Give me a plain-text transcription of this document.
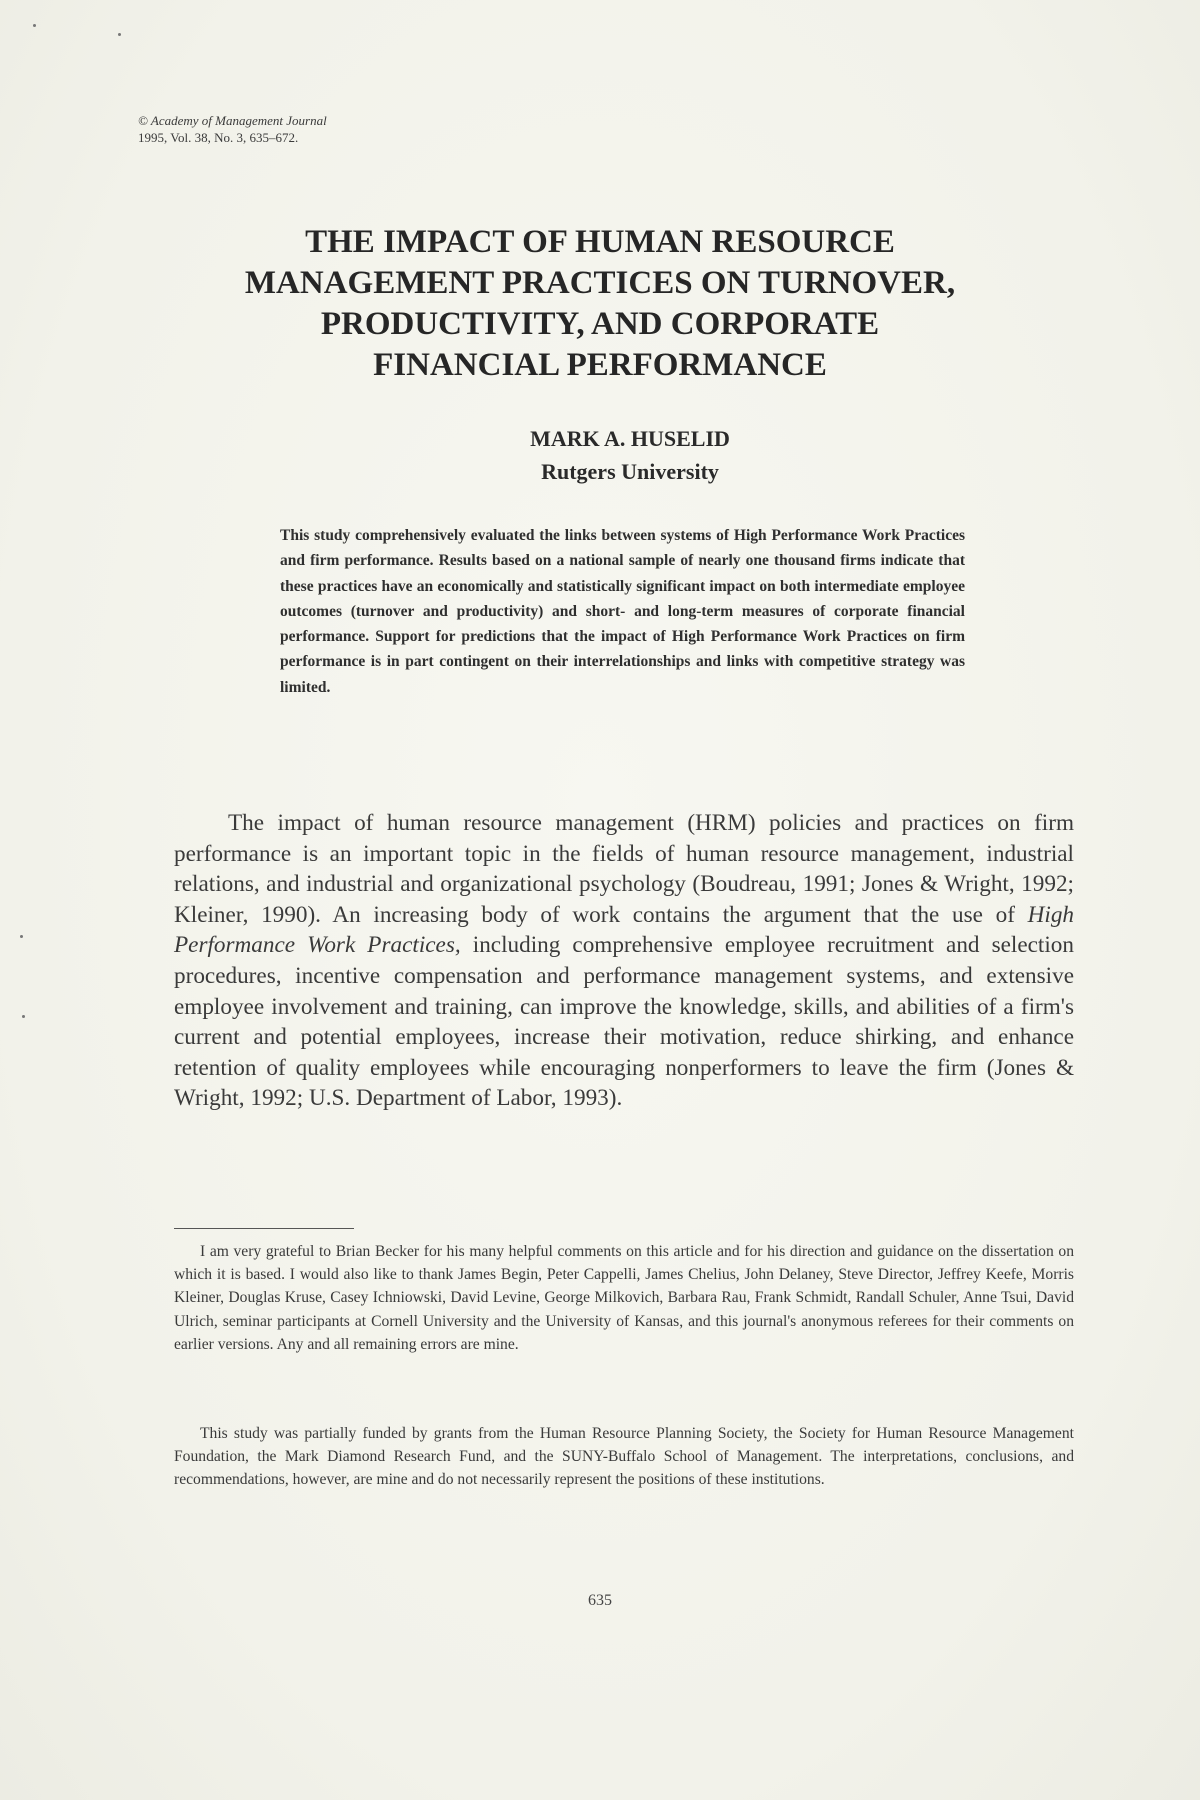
© Academy of Management Journal
1995, Vol. 38, No. 3, 635–672.
THE IMPACT OF HUMAN RESOURCE
MANAGEMENT PRACTICES ON TURNOVER,
PRODUCTIVITY, AND CORPORATE
FINANCIAL PERFORMANCE
MARK A. HUSELID
Rutgers University

This study comprehensively evaluated the links between systems of High Performance Work Practices and firm performance. Results based on a national sample of nearly one thousand firms indicate that these practices have an economically and statistically significant impact on both intermediate employee outcomes (turnover and productivity) and short- and long-term measures of corporate financial performance. Support for predictions that the impact of High Performance Work Practices on firm performance is in part contingent on their interrelationships and links with competitive strategy was limited.

The impact of human resource management (HRM) policies and practices on firm performance is an important topic in the fields of human resource management, industrial relations, and industrial and organizational psychology (Boudreau, 1991; Jones & Wright, 1992; Kleiner, 1990). An increasing body of work contains the argument that the use of High Performance Work Practices, including comprehensive employee recruitment and selection procedures, incentive compensation and performance management systems, and extensive employee involvement and training, can improve the knowledge, skills, and abilities of a firm's current and potential employees, increase their motivation, reduce shirking, and enhance retention of quality employees while encouraging nonperformers to leave the firm (Jones & Wright, 1992; U.S. Department of Labor, 1993).

I am very grateful to Brian Becker for his many helpful comments on this article and for his direction and guidance on the dissertation on which it is based. I would also like to thank James Begin, Peter Cappelli, James Chelius, John Delaney, Steve Director, Jeffrey Keefe, Morris Kleiner, Douglas Kruse, Casey Ichniowski, David Levine, George Milkovich, Barbara Rau, Frank Schmidt, Randall Schuler, Anne Tsui, David Ulrich, seminar participants at Cornell University and the University of Kansas, and this journal's anonymous referees for their comments on earlier versions. Any and all remaining errors are mine.

This study was partially funded by grants from the Human Resource Planning Society, the Society for Human Resource Management Foundation, the Mark Diamond Research Fund, and the SUNY-Buffalo School of Management. The interpretations, conclusions, and recommendations, however, are mine and do not necessarily represent the positions of these institutions.

635
